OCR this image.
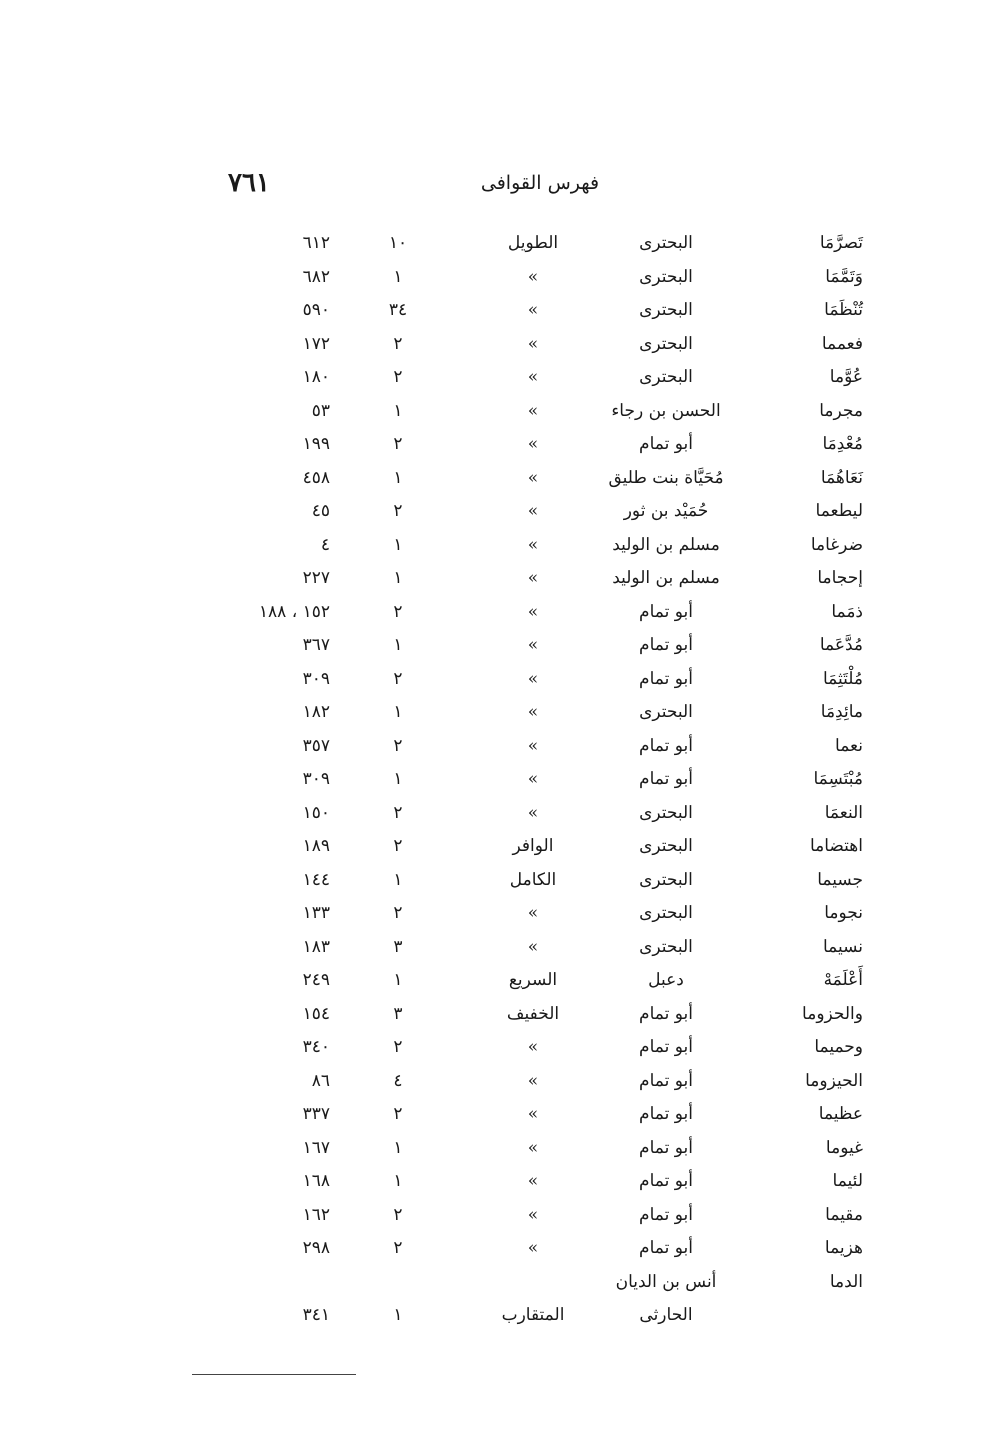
٧٦١	فهرس القوافى
تَصرَّمَا
البحترى
الطويل
١٠
٦١٢
وَتَمَّمَا
البحترى
»
١
٦٨٢
تُنْظَمَا
البحترى
»
٣٤
٥٩٠
فعمما
البحترى
»
٢
١٧٢
عُوَّما
البحترى
»
٢
١٨٠
مجرما
الحسن بن رجاء
»
١
٥٣
مُعْدِمَا
أبو تمام
»
٢
١٩٩
نَعَاهُمَا
مُحَيَّاة بنت طليق
»
١
٤٥٨
ليطعما
حُمَيْد بن ثور
»
٢
٤٥
ضرغاما
مسلم بن الوليد
»
١
٤
إحجاما
مسلم بن الوليد
»
١
٢٢٧
ذمَما
أبو تمام
»
٢
١٥٢ ، ١٨٨
مُدَّعَما
أبو تمام
»
١
٣٦٧
مُلْتَثِمَا
أبو تمام
»
٢
٣٠٩
مائِدِمَا
البحترى
»
١
١٨٢
نعما
أبو تمام
»
٢
٣٥٧
مُبْتَسِمَا
أبو تمام
»
١
٣٠٩
النعمَا
البحترى
»
٢
١٥٠
اهتضاما
البحترى
الوافر
٢
١٨٩
جسيما
البحترى
الكامل
١
١٤٤
نجوما
البحترى
»
٢
١٣٣
نسيما
البحترى
»
٣
١٨٣
أَعْلَمَهْ
دعبل
السريع
١
٢٤٩
والحزوما
أبو تمام
الخفيف
٣
١٥٤
وحميما
أبو تمام
»
٢
٣٤٠
الحيزوما
أبو تمام
»
٤
٨٦
عظيما
أبو تمام
»
٢
٣٣٧
غيوما
أبو تمام
»
١
١٦٧
لئيما
أبو تمام
»
١
١٦٨
مقيما
أبو تمام
»
٢
١٦٢
هزيما
أبو تمام
»
٢
٢٩٨
الدما
أنس بن الديان
الحارثى
المتقارب
١
٣٤١
